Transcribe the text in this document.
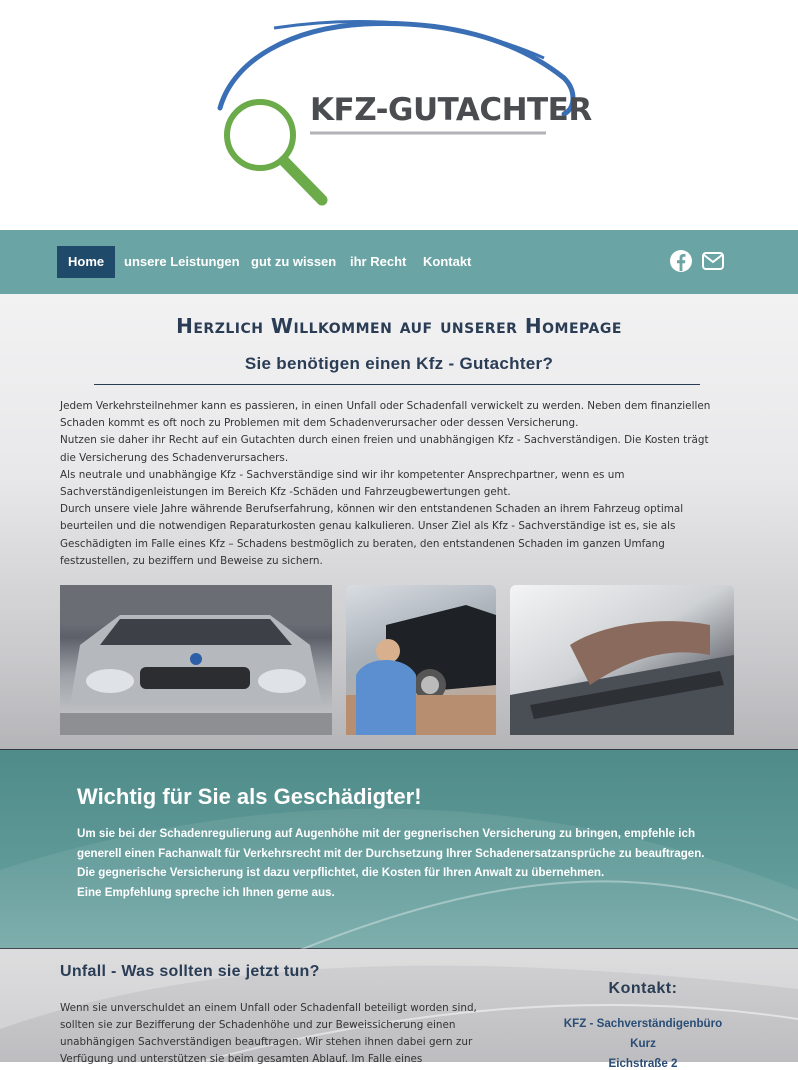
KFZ-GUTACHTER
Home	unsere Leistungen gut zu wissen	ihr Recht	Kontakt
Herzlich Willkommen auf unserer Homepage
Sie benötigen einen Kfz - Gutachter?
Jedem Verkehrsteilnehmer kann es passieren, in einen Unfall oder Schadenfall verwickelt zu werden. Neben dem finanziellen
Schaden kommt es oft noch zu Problemen mit dem Schadenverursacher oder dessen Versicherung.
Nutzen sie daher ihr Recht auf ein Gutachten durch einen freien und unabhängigen Kfz - Sachverständigen. Die Kosten trägt
die Versicherung des Schadenverursachers.
Als neutrale und unabhängige Kfz - Sachverständige sind wir ihr kompetenter Ansprechpartner, wenn es um
Sachverständigenleistungen im Bereich Kfz -Schäden und Fahrzeugbewertungen geht.
Durch unsere viele Jahre währende Berufserfahrung, können wir den entstandenen Schaden an ihrem Fahrzeug optimal
beurteilen und die notwendigen Reparaturkosten genau kalkulieren. Unser Ziel als Kfz - Sachverständige ist es, sie als
Geschädigten im Falle eines Kfz – Schadens bestmöglich zu beraten, den entstandenen Schaden im ganzen Umfang
festzustellen, zu beziffern und Beweise zu sichern.
Wichtig für Sie als Geschädigter!
Um sie bei der Schadenregulierung auf Augenhöhe mit der gegnerischen Versicherung zu bringen, empfehle ich
generell einen Fachanwalt für Verkehrsrecht mit der Durchsetzung Ihrer Schadenersatzansprüche zu beauftragen.
Die gegnerische Versicherung ist dazu verpflichtet, die Kosten für Ihren Anwalt zu übernehmen.
Eine Empfehlung spreche ich Ihnen gerne aus.
Unfall - Was sollten sie jetzt tun?
Wenn sie unverschuldet an einem Unfall oder Schadenfall beteiligt worden sind,
sollten sie zur Bezifferung der Schadenhöhe und zur Beweissicherung einen
unabhängigen Sachverständigen beauftragen. Wir stehen ihnen dabei gern zur
Verfügung und unterstützen sie beim gesamten Ablauf. Im Falle eines
Kontakt:
KFZ - Sachverständigenbüro
Kurz
Eichstraße 2
